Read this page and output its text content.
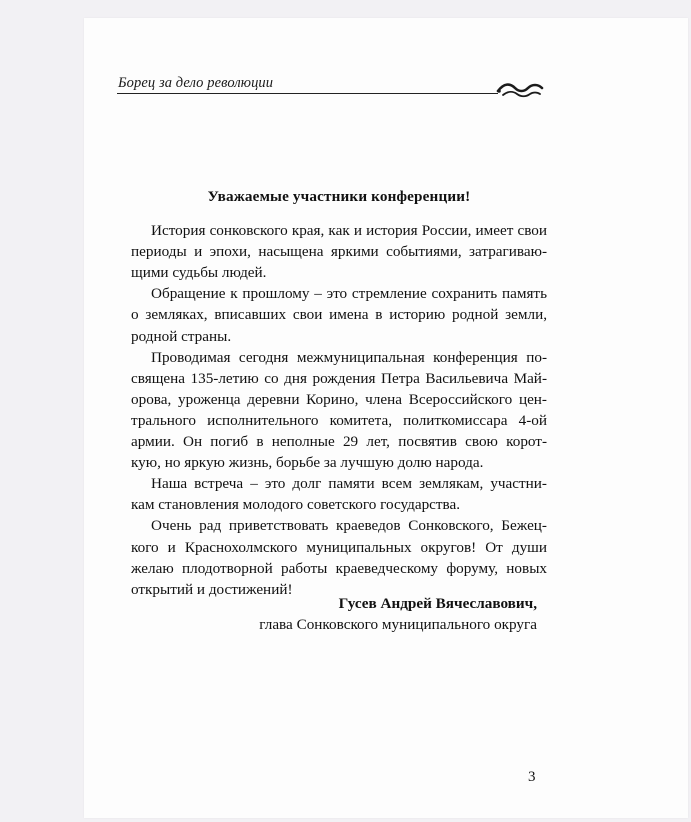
Борец за дело революции
Уважаемые участники конференции!
История сонковского края, как и история России, имеет свои
периоды и эпохи, насыщена яркими событиями, затрагиваю-
щими судьбы людей.
Обращение к прошлому – это стремление сохранить память
о земляках, вписавших свои имена в историю родной земли,
родной страны.
Проводимая сегодня межмуниципальная конференция по-
священа 135-летию со дня рождения Петра Васильевича Май-
орова, уроженца деревни Корино, члена Всероссийского цен-
трального исполнительного комитета, политкомиссара 4-ой
армии. Он погиб в неполные 29 лет, посвятив свою корот-
кую, но яркую жизнь, борьбе за лучшую долю народа.
Наша встреча – это долг памяти всем землякам, участни-
кам становления молодого советского государства.
Очень рад приветствовать краеведов Сонковского, Бежец-
кого и Краснохолмского муниципальных округов! От души
желаю плодотворной работы краеведческому форуму, новых
открытий и достижений!
Гусев Андрей Вячеславович,
глава Сонковского муниципального округа
3
